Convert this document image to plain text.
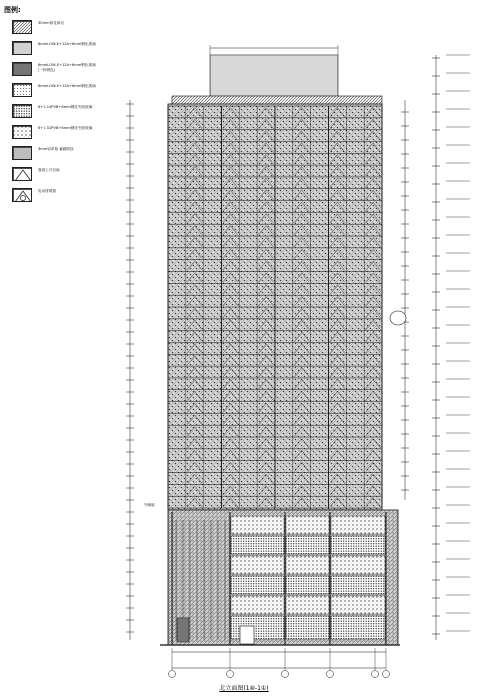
图例:
30mm厚花岗岩
6mmLOW-E+12A+6mm钢化玻璃
6mmLOW-E+12A+6mm钢化玻璃
(一种颜色)
6mmLOW-E+12A+6mm钢化玻璃
6+1.14PVB+6mm钢化夹胶玻璃
6+1.52PVB+6mm钢化夹胶玻璃
3mm铝单板 氟碳喷涂
窗洞上开启扇
电动排烟窗
外飘墙
北立面图(1⑩-1①)
